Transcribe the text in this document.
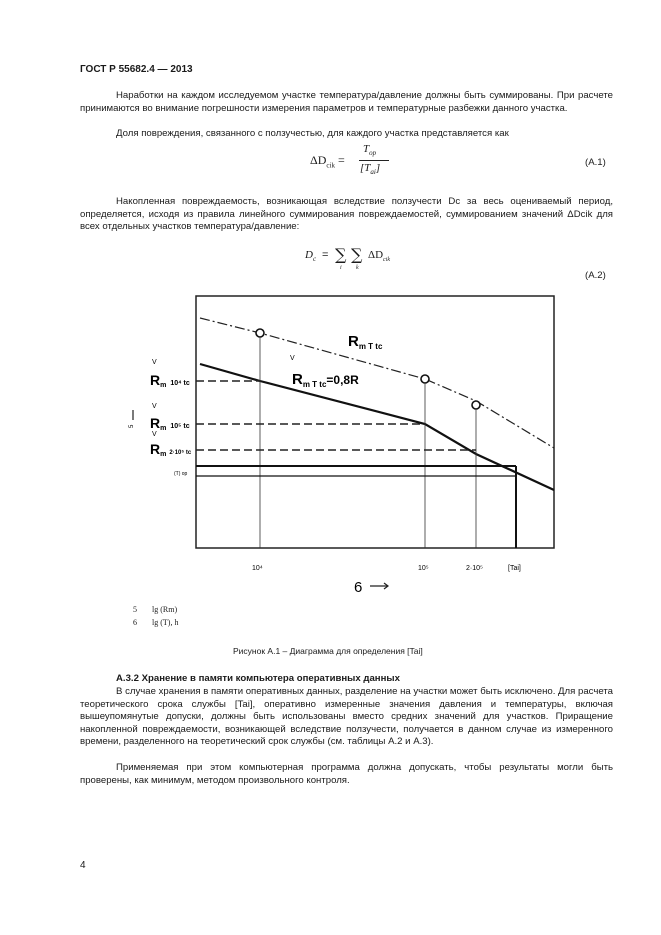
ГОСТ Р 55682.4 — 2013
Наработки на каждом исследуемом участке температура/давление должны быть суммированы. При расчете принимаются во внимание погрешности измерения параметров и температурные разбежки данного участка.
Доля повреждения, связанного с ползучестью, для каждого участка представляется как
$\Delta D_{cik}$ =
$T_{op}$
$[T_{ai}]$	(А.1)
Накопленная повреждаемость, возникающая вследствие ползучести Dc за весь оцениваемый период, определяется, исходя из правила линейного суммирования повреждаемостей, суммированием значений ΔDcik для всех отдельных участков температура/давление:
$D_c$ = ∑
i
∑
k
$\Delta D_{cik}$
(А.2)
$R_{m T tc}$
V
$R_{m T tc}^{=0,8R}$
V
V
V
Rm 10⁴ tc
Rm 10⁵ tc
Rm 2·10⁵ tc
(T) op
5
10⁴	10⁵	2·10⁵	[Tai]
6
5 lg (Rm)
6 lg (T), h
Рисунок А.1 – Диаграмма для определения [Tai]
А.3.2 Хранение в памяти компьютера оперативных данных
В случае хранения в памяти оперативных данных, разделение на участки может быть исключено. Для расчета теоретического срока службы [Tai], оперативно измеренные значения давления и температуры, включая вышеупомянутые допуски, должны быть использованы вместо средних значений для участков. Приращение накопленной повреждаемости, возникающей вследствие ползучести, получается в данном случае из измеренного времени, разделенного на теоретический срок службы (см. таблицы А.2 и А.3).
Применяемая при этом компьютерная программа должна допускать, чтобы результаты могли быть проверены, как минимум, методом произвольного контроля.
4
